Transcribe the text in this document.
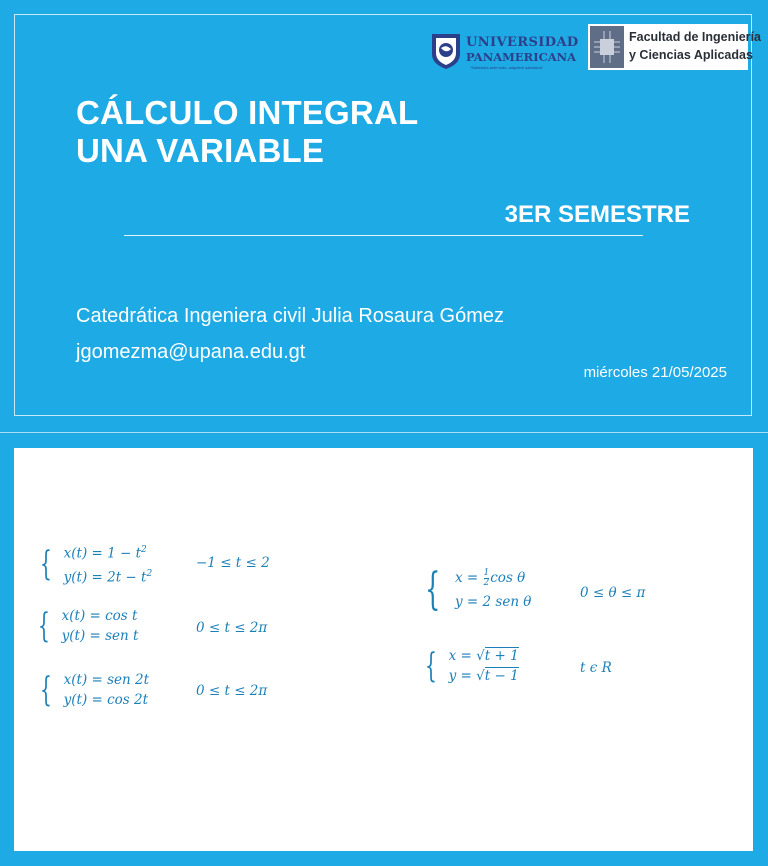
UNIVERSIDAD
PANAMERICANA
"Sabiduría ante todo, adquiere sabiduría"
Facultad de Ingeniería
y Ciencias Aplicadas
CÁLCULO INTEGRAL
UNA VARIABLE
3ER SEMESTRE
Catedrática Ingeniera civil Julia Rosaura Gómez
jgomezma@upana.edu.gt
miércoles 21/05/2025
{ $x(t) = 1 - t^2$
$y(t) = 2t - t^2$
−1 ≤ t ≤ 2
{ x(t) = cos t
y(t) = sen t	0 ≤ t ≤ 2π
{ x(t) = sen 2t
y(t) = cos 2t
0 ≤ t ≤ 2π
{ $x = \frac{1}{2}$ cos θ
y = 2 sen θ
0 ≤ θ ≤ π
{ x = √t + 1
y = √t − 1	t ϵ R
